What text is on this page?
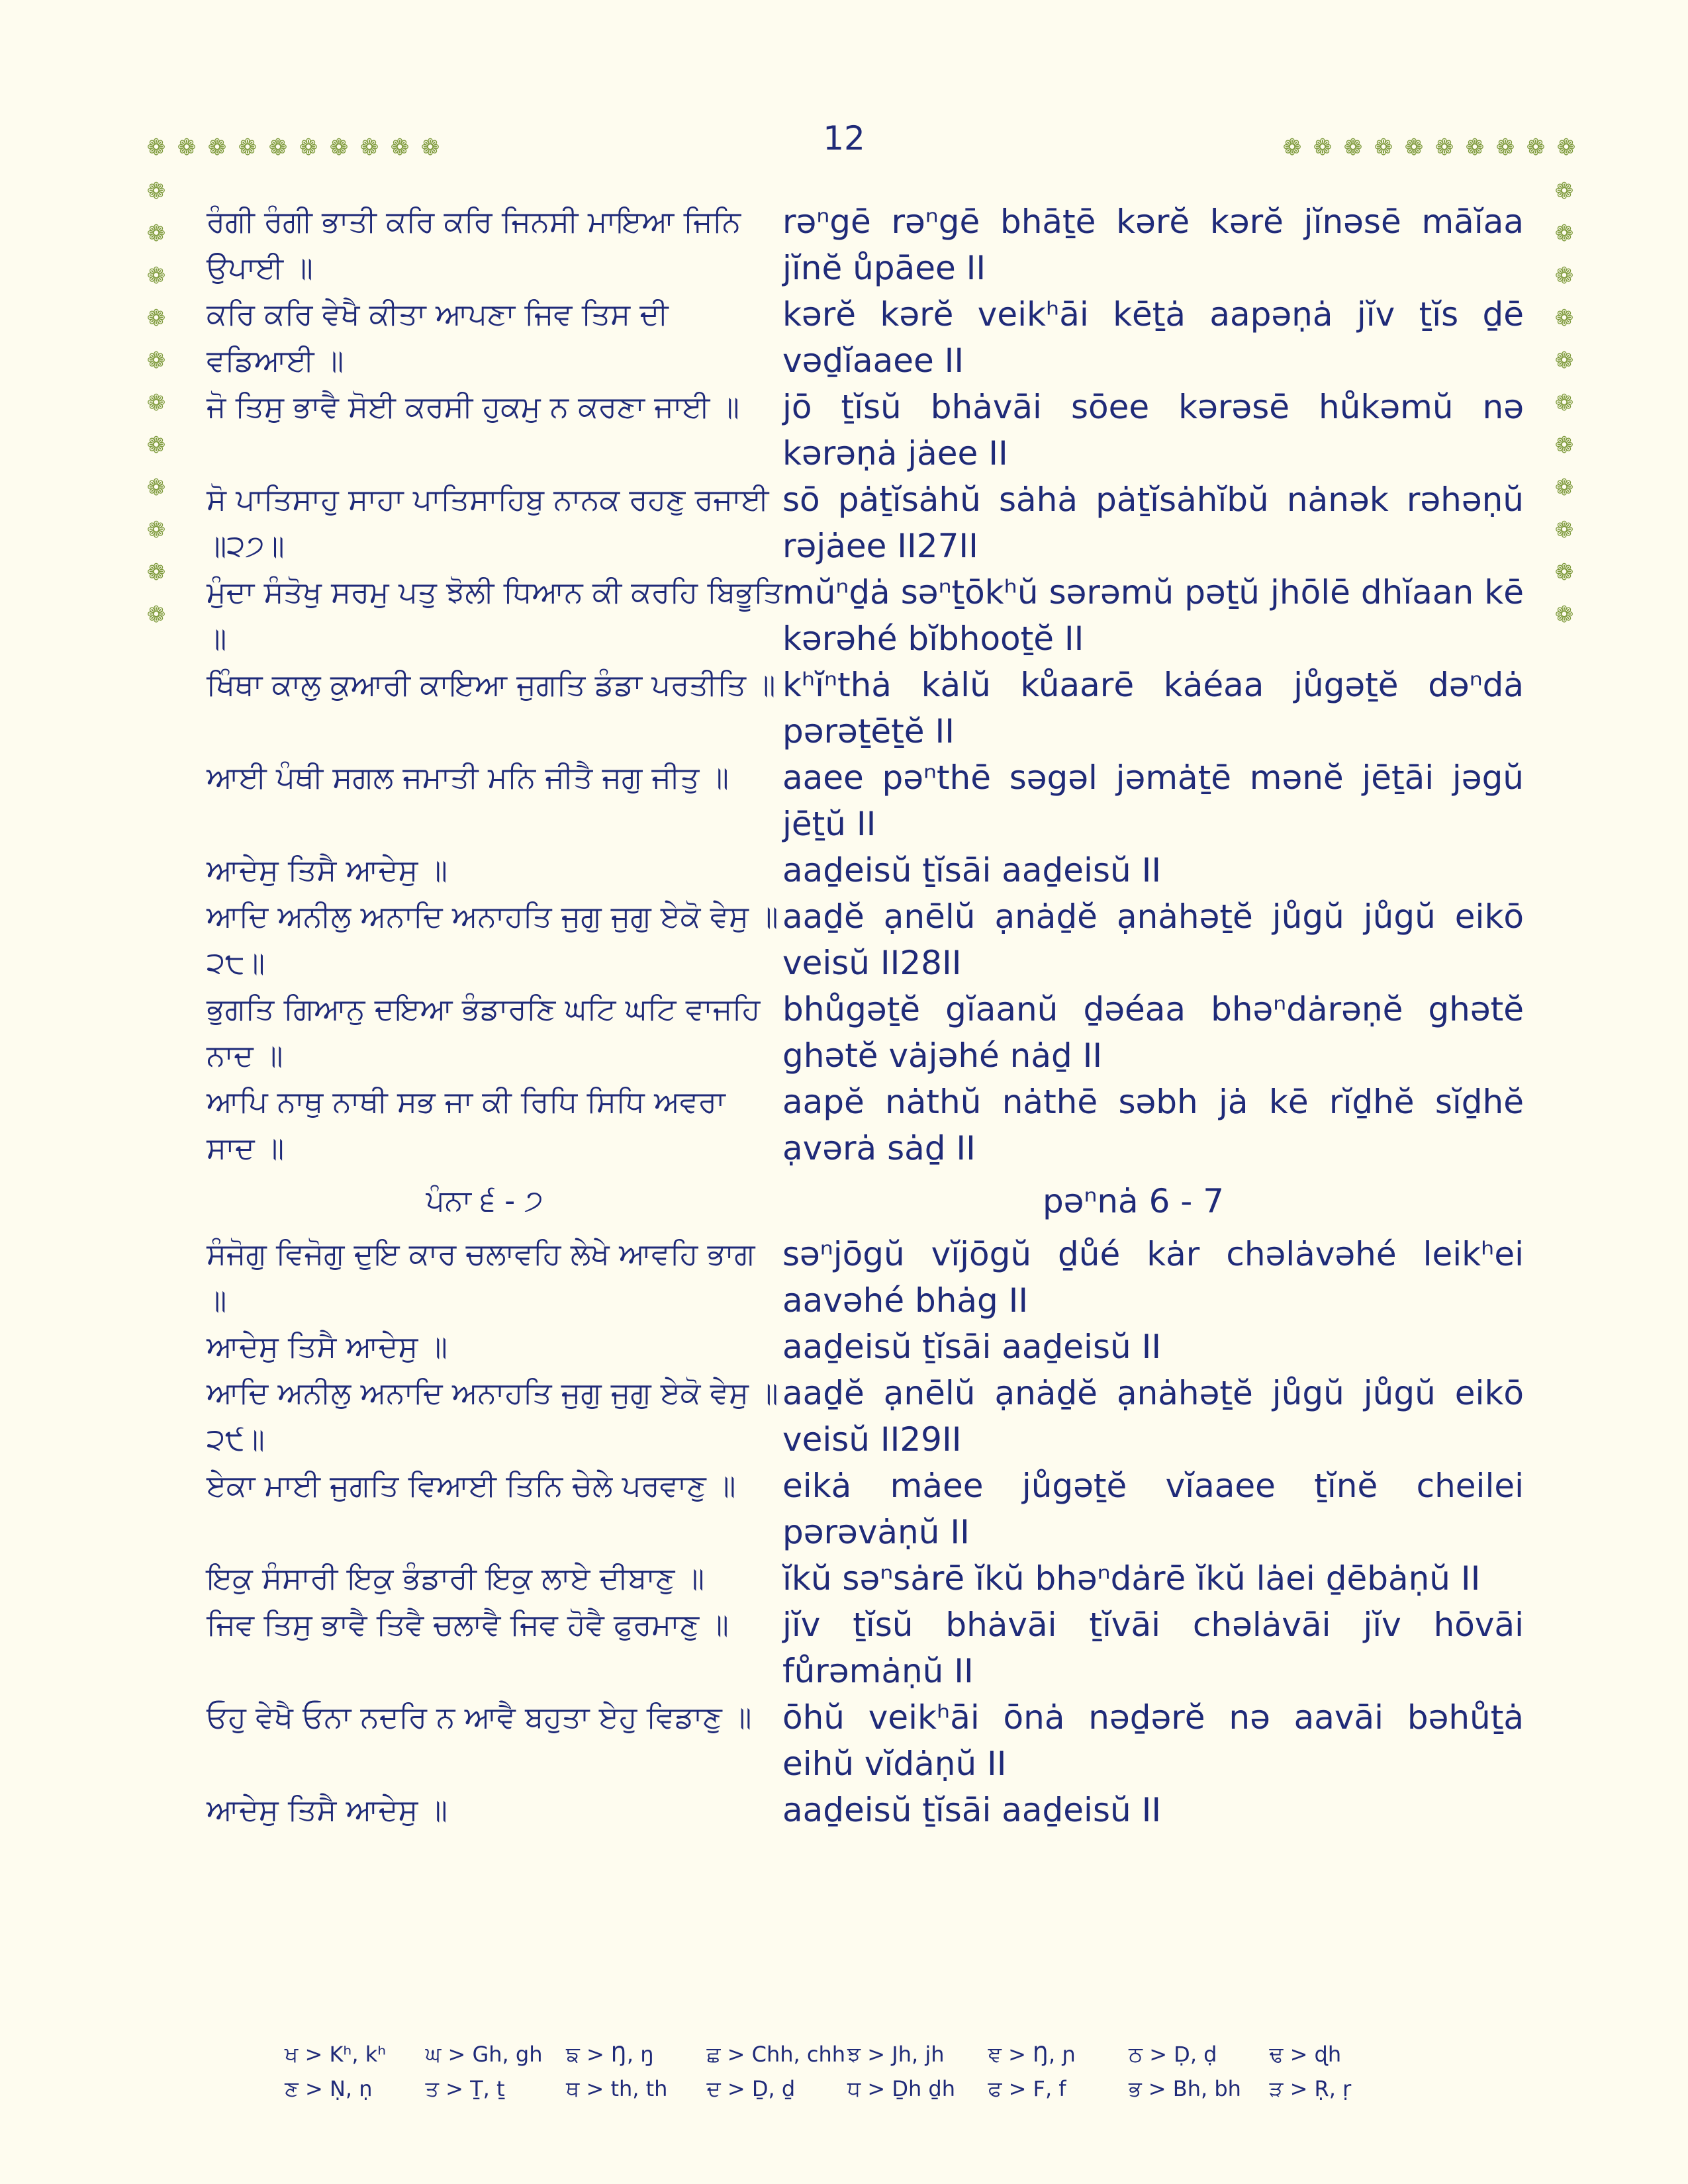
12
❁ ❁ ❁ ❁ ❁ ❁ ❁ ❁ ❁ ❁	❁ ❁ ❁ ❁ ❁ ❁ ❁ ❁ ❁ ❁
❁
❁
❁
❁
❁
❁
❁
❁
❁
❁
❁
❁
❁
❁
❁
❁
❁
❁
❁
❁
❁
❁
ਰੰਗੀ ਰੰਗੀ ਭਾਤੀ ਕਰਿ ਕਰਿ ਜਿਨਸੀ ਮਾਇਆ ਜਿਨਿ ਉਪਾਈ ॥
rəⁿgē rəⁿgē bhāṯē kərĕ kərĕ jĭnəsē māĭaa jĭnĕ ůpāee II
ਕਰਿ ਕਰਿ ਵੇਖੈ ਕੀਤਾ ਆਪਣਾ ਜਿਵ ਤਿਸ ਦੀ ਵਡਿਆਈ ॥
kərĕ kərĕ veikʰāi kēṯȧ aapəṇȧ jĭv ṯĭs ḏē vəḏĭaaee II
ਜੋ ਤਿਸੁ ਭਾਵੈ ਸੋਈ ਕਰਸੀ ਹੁਕਮੁ ਨ ਕਰਣਾ ਜਾਈ ॥	jō ṯĭsŭ bhȧvāi sōee kərəsē hůkəmŭ nə kərəṇȧ jȧee II
ਸੋ ਪਾਤਿਸਾਹੁ ਸਾਹਾ ਪਾਤਿਸਾਹਿਬੁ ਨਾਨਕ ਰਹਣੁ ਰਜਾਈ ॥੨੭॥
sō pȧṯĭsȧhŭ sȧhȧ pȧṯĭsȧhĭbŭ nȧnək rəhəṇŭ rəjȧee II27II
ਮੁੰਦਾ ਸੰਤੋਖੁ ਸਰਮੁ ਪਤੁ ਝੋਲੀ ਧਿਆਨ ਕੀ ਕਰਹਿ ਬਿਭੂਤਿ ॥
mŭⁿḏȧ səⁿṯōkʰŭ sərəmŭ pəṯŭ jhōlē dhĭaan kē kərəhé bĭbhooṯĕ II
ਖਿੰਥਾ ਕਾਲੁ ਕੁਆਰੀ ਕਾਇਆ ਜੁਗਤਿ ਡੰਡਾ ਪਰਤੀਤਿ ॥ kʰĭⁿthȧ kȧlŭ kůaarē kȧéaa jůgəṯĕ dəⁿdȧ pərəṯēṯĕ II
ਆਈ ਪੰਥੀ ਸਗਲ ਜਮਾਤੀ ਮਨਿ ਜੀਤੈ ਜਗੁ ਜੀਤੁ ॥	aaee pəⁿthē səgəl jəmȧṯē mənĕ jēṯāi jəgŭ jēṯŭ II
ਆਦੇਸੁ ਤਿਸੈ ਆਦੇਸੁ ॥	aaḏeisŭ ṯĭsāi aaḏeisŭ II
ਆਦਿ ਅਨੀਲੁ ਅਨਾਦਿ ਅਨਾਹਤਿ ਜੁਗੁ ਜੁਗੁ ਏਕੋ ਵੇਸੁ ॥੨੮॥
aaḏĕ ạnēlŭ ạnȧḏĕ ạnȧhəṯĕ jůgŭ jůgŭ eikō veisŭ II28II
ਭੁਗਤਿ ਗਿਆਨੁ ਦਇਆ ਭੰਡਾਰਣਿ ਘਟਿ ਘਟਿ ਵਾਜਹਿ ਨਾਦ ॥
bhůgəṯĕ gĭaanŭ ḏəéaa bhəⁿdȧrəṇĕ ghətĕ ghətĕ vȧjəhé nȧḏ II
ਆਪਿ ਨਾਥੁ ਨਾਥੀ ਸਭ ਜਾ ਕੀ ਰਿਧਿ ਸਿਧਿ ਅਵਰਾ ਸਾਦ ॥
aapĕ nȧthŭ nȧthē səbh jȧ kē rĭḏhĕ sĭḏhĕ ạvərȧ sȧḏ II
ਪੰਨਾ ੬ - ੭	pəⁿnȧ 6 - 7
ਸੰਜੋਗੁ ਵਿਜੋਗੁ ਦੁਇ ਕਾਰ ਚਲਾਵਹਿ ਲੇਖੇ ਆਵਹਿ ਭਾਗ ॥
səⁿjōgŭ vĭjōgŭ ḏůé kȧr chəlȧvəhé leikʰei aavəhé bhȧg II
ਆਦੇਸੁ ਤਿਸੈ ਆਦੇਸੁ ॥	aaḏeisŭ ṯĭsāi aaḏeisŭ II
ਆਦਿ ਅਨੀਲੁ ਅਨਾਦਿ ਅਨਾਹਤਿ ਜੁਗੁ ਜੁਗੁ ਏਕੋ ਵੇਸੁ ॥੨੯॥
aaḏĕ ạnēlŭ ạnȧḏĕ ạnȧhəṯĕ jůgŭ jůgŭ eikō veisŭ II29II
ਏਕਾ ਮਾਈ ਜੁਗਤਿ ਵਿਆਈ ਤਿਨਿ ਚੇਲੇ ਪਰਵਾਣੁ ॥	eikȧ mȧee jůgəṯĕ vĭaaee ṯĭnĕ cheilei pərəvȧṇŭ II
ਇਕੁ ਸੰਸਾਰੀ ਇਕੁ ਭੰਡਾਰੀ ਇਕੁ ਲਾਏ ਦੀਬਾਣੁ ॥	ĭkŭ səⁿsȧrē ĭkŭ bhəⁿdȧrē ĭkŭ lȧei ḏēbȧṇŭ II
ਜਿਵ ਤਿਸੁ ਭਾਵੈ ਤਿਵੈ ਚਲਾਵੈ ਜਿਵ ਹੋਵੈ ਫੁਰਮਾਣੁ ॥	jĭv ṯĭsŭ bhȧvāi ṯĭvāi chəlȧvāi jĭv hōvāi fůrəmȧṇŭ II
ਓਹੁ ਵੇਖੈ ਓਨਾ ਨਦਰਿ ਨ ਆਵੈ ਬਹੁਤਾ ਏਹੁ ਵਿਡਾਣੁ ॥ ōhŭ veikʰāi ōnȧ nəḏərĕ nə aavāi bəhůṯȧ eihŭ vĭdȧṇŭ II
ਆਦੇਸੁ ਤਿਸੈ ਆਦੇਸੁ ॥	aaḏeisŭ ṯĭsāi aaḏeisŭ II
ਖ > Kʰ, kʰ	ਘ > Gh, gh	ਙ > Ŋ, ŋ	ਛ > Chh, chh ਝ > Jh, jh	ਞ > Ŋ, ɲ	ਠ > Ḍ, ḍ	ਢ > ɖh
ਣ > Ṇ, ṇ	ਤ > Ṯ, ṯ	ਥ > th, th	ਦ > Ḏ, ḏ	ਧ > Ḏh ḏh	ਫ > F, f	ਭ > Bh, bh	ੜ > Ṛ, ṛ
